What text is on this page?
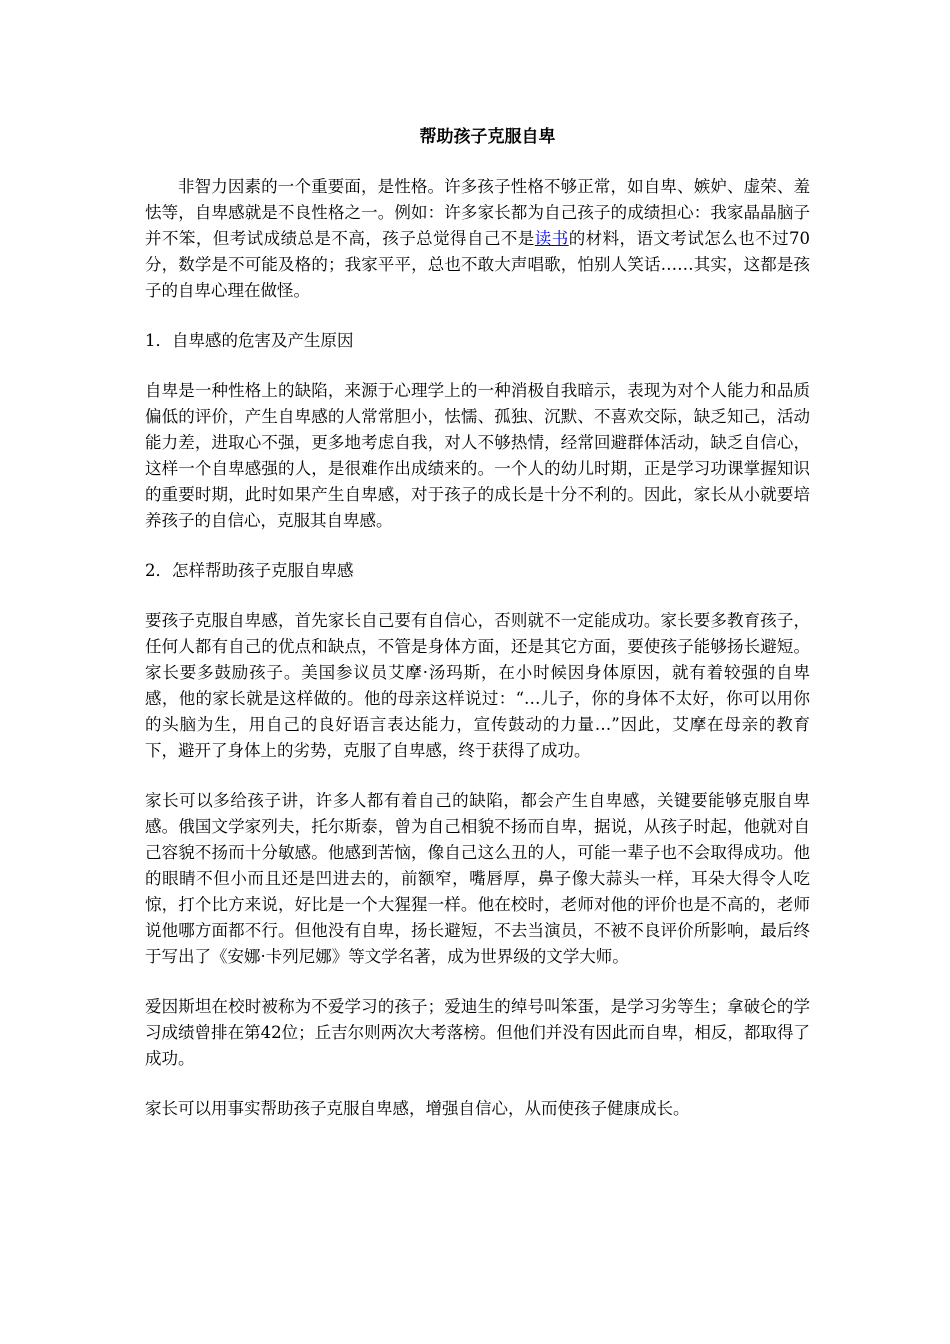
帮助孩子克服自卑

非智力因素的一个重要面，是性格。许多孩子性格不够正常，如自卑、嫉妒、虚荣、羞怯等，自卑感就是不良性格之一。例如：许多家长都为自己孩子的成绩担心：我家晶晶脑子并不笨，但考试成绩总是不高，孩子总觉得自己不是读书的材料，语文考试怎么也不过70分，数学是不可能及格的；我家平平，总也不敢大声唱歌，怕别人笑话……其实，这都是孩子的自卑心理在做怪。

1．自卑感的危害及产生原因

自卑是一种性格上的缺陷，来源于心理学上的一种消极自我暗示，表现为对个人能力和品质偏低的评价，产生自卑感的人常常胆小，怯懦、孤独、沉默、不喜欢交际，缺乏知己，活动能力差，进取心不强，更多地考虑自我，对人不够热情，经常回避群体活动，缺乏自信心，这样一个自卑感强的人，是很难作出成绩来的。一个人的幼儿时期，正是学习功课掌握知识的重要时期，此时如果产生自卑感，对于孩子的成长是十分不利的。因此，家长从小就要培养孩子的自信心，克服其自卑感。

2．怎样帮助孩子克服自卑感

要孩子克服自卑感，首先家长自己要有自信心，否则就不一定能成功。家长要多教育孩子，任何人都有自己的优点和缺点，不管是身体方面，还是其它方面，要使孩子能够扬长避短。家长要多鼓励孩子。美国参议员艾摩·汤玛斯，在小时候因身体原因，就有着较强的自卑感，他的家长就是这样做的。他的母亲这样说过：“…儿子，你的身体不太好，你可以用你的头脑为生，用自己的良好语言表达能力，宣传鼓动的力量…”因此，艾摩在母亲的教育下，避开了身体上的劣势，克服了自卑感，终于获得了成功。

家长可以多给孩子讲，许多人都有着自己的缺陷，都会产生自卑感，关键要能够克服自卑感。俄国文学家列夫，托尔斯泰，曾为自己相貌不扬而自卑，据说，从孩子时起，他就对自己容貌不扬而十分敏感。他感到苦恼，像自己这么丑的人，可能一辈子也不会取得成功。他的眼睛不但小而且还是凹进去的，前额窄，嘴唇厚，鼻子像大蒜头一样，耳朵大得令人吃惊，打个比方来说，好比是一个大猩猩一样。他在校时，老师对他的评价也是不高的，老师说他哪方面都不行。但他没有自卑，扬长避短，不去当演员，不被不良评价所影响，最后终于写出了《安娜·卡列尼娜》等文学名著，成为世界级的文学大师。

爱因斯坦在校时被称为不爱学习的孩子；爱迪生的绰号叫笨蛋，是学习劣等生；拿破仑的学习成绩曾排在第42位；丘吉尔则两次大考落榜。但他们并没有因此而自卑，相反，都取得了成功。

家长可以用事实帮助孩子克服自卑感，增强自信心，从而使孩子健康成长。
